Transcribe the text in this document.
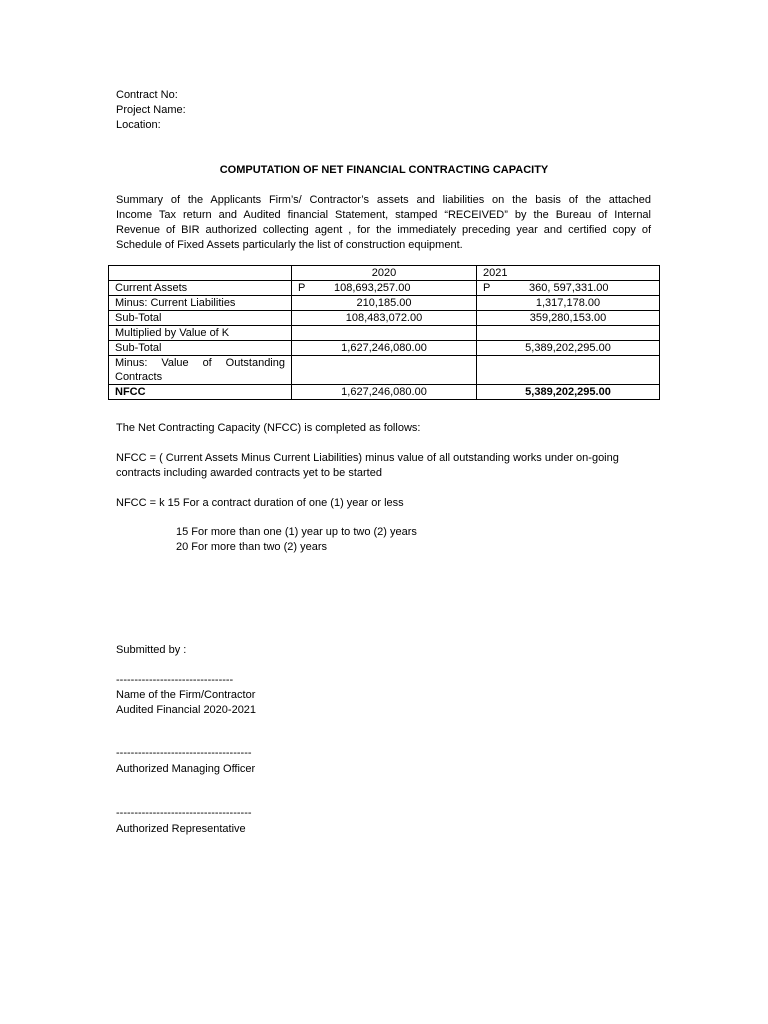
Contract No:
Project Name:
Location:
COMPUTATION OF NET FINANCIAL CONTRACTING CAPACITY
Summary of the Applicants Firm’s/ Contractor’s assets and liabilities on the basis of the attached
Income Tax return and Audited financial Statement, stamped “RECEIVED” by the Bureau of Internal
Revenue of BIR authorized collecting agent , for the immediately preceding year and certified copy of
Schedule of Fixed Assets particularly the list of construction equipment.
	2020	2021
Current Assets	P 108,693,257.00	P 360, 597,331.00
Minus: Current Liabilities	210,185.00	1,317,178.00
Sub-Total	108,483,072.00	359,280,153.00
Multiplied by Value of K		
Sub-Total	1,627,246,080.00	5,389,202,295.00

Minus: Value of Outstanding
Contracts		

NFCC	1,627,246,080.00	5,389,202,295.00
The Net Contracting Capacity (NFCC) is completed as follows:
NFCC = ( Current Assets Minus Current Liabilities) minus value of all outstanding works under on-going
contracts including awarded contracts yet to be started
NFCC = k 15 For a contract duration of one (1) year or less
15 For more than one (1) year up to two (2) years
20 For more than two (2) years
Submitted by :
--------------------------------
Name of the Firm/Contractor
Audited Financial 2020-2021
-------------------------------------
Authorized Managing Officer
-------------------------------------
Authorized Representative
